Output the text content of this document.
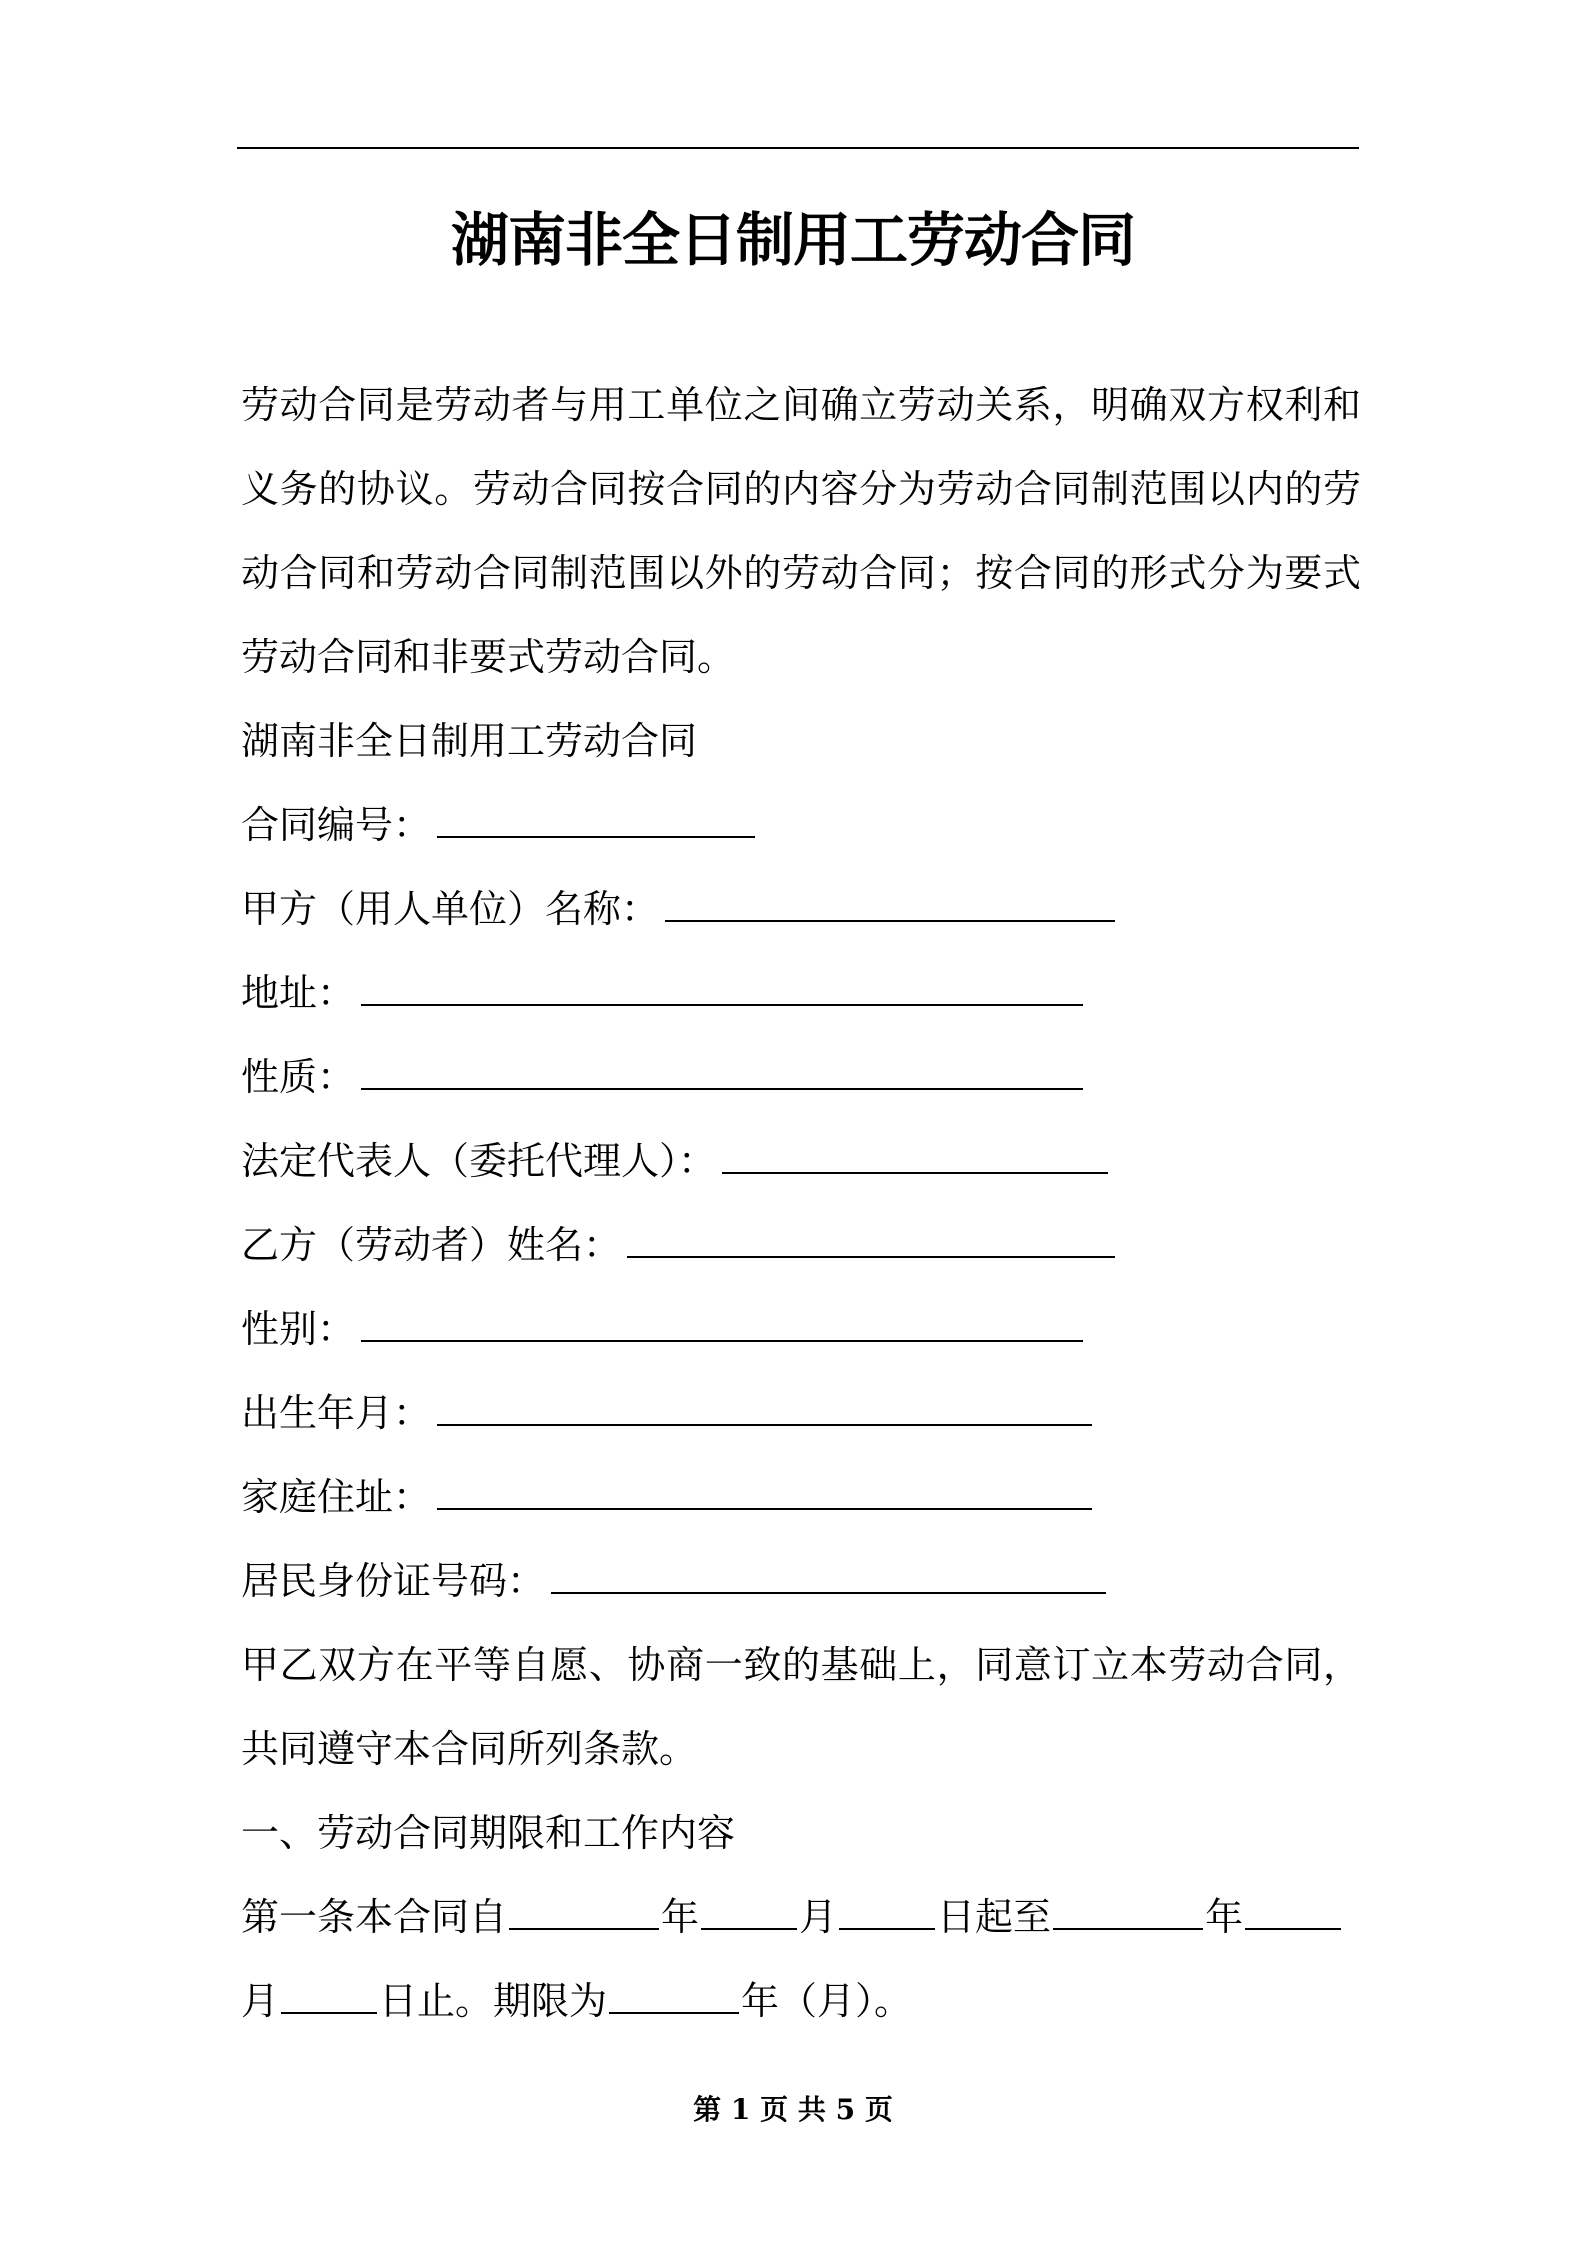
湖南非全日制用工劳动合同

劳动合同是劳动者与用工单位之间确立劳动关系，明确双方权利和义务的协议。劳动合同按合同的内容分为劳动合同制范围以内的劳动合同和劳动合同制范围以外的劳动合同；按合同的形式分为要式劳动合同和非要式劳动合同。

湖南非全日制用工劳动合同

合同编号：

甲方（用人单位）名称：

地址：

性质：

法定代表人（委托代理人）：

乙方（劳动者）姓名：

性别：

出生年月：

家庭住址：

居民身份证号码：

甲乙双方在平等自愿、协商一致的基础上，同意订立本劳动合同，共同遵守本合同所列条款。

一、劳动合同期限和工作内容

第一条本合同自	年	月	日起至	年

月	日止。期限为	年（月）。

第 1 页 共 5 页
